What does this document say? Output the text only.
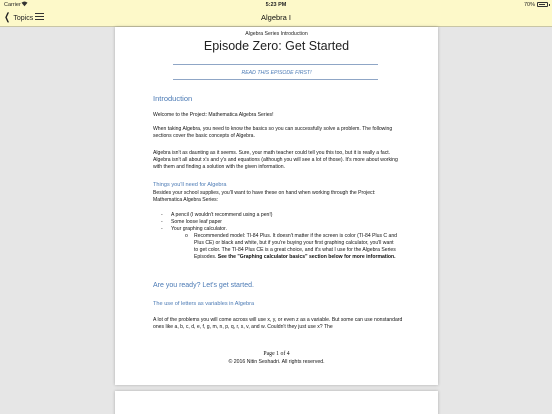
Carrier	5:23 PM	70%
❮ Topics	Algebra I
Algebra Series Introduction
Episode Zero: Get Started
READ THIS EPISODE FIRST!
Introduction
Welcome to the Project: Mathematica Algebra Series!
When taking Algebra, you need to know the basics so you can successfully solve a problem. The following sections cover the basic concepts of Algebra.
Algebra isn't as daunting as it seems. Sure, your math teacher could tell you this too, but it is really a fact. Algebra isn't all about x's and y's and equations (although you will see a lot of those). It's more about working with them and finding a solution with the given information.
Things you'll need for Algebra
Besides your school supplies, you'll want to have these on hand when working through the Project: Mathematica Algebra Series:
-	A pencil (I wouldn't recommend using a pen!)
-	Some loose leaf paper
-	Your graphing calculator.
o	Recommended model: TI-84 Plus. It doesn't matter if the screen is color (TI-84 Plus C and Plus CE) or black and white, but if you're buying your first graphing calculator, you'll want to get color. The TI-84 Plus CE is a great choice, and it's what I use for the Algebra Series Episodes. See the "Graphing calculator basics" section below for more information.
Are you ready? Let's get started.
The use of letters as variables in Algebra
A lot of the problems you will come across will use x, y, or even z as a variable. But some can use nonstandard ones like a, b, c, d, e, f, g, m, n, p, q, r, s, v, and w. Couldn't they just use x? The
Page 1 of 4
© 2016 Nitin Seshadri. All rights reserved.
